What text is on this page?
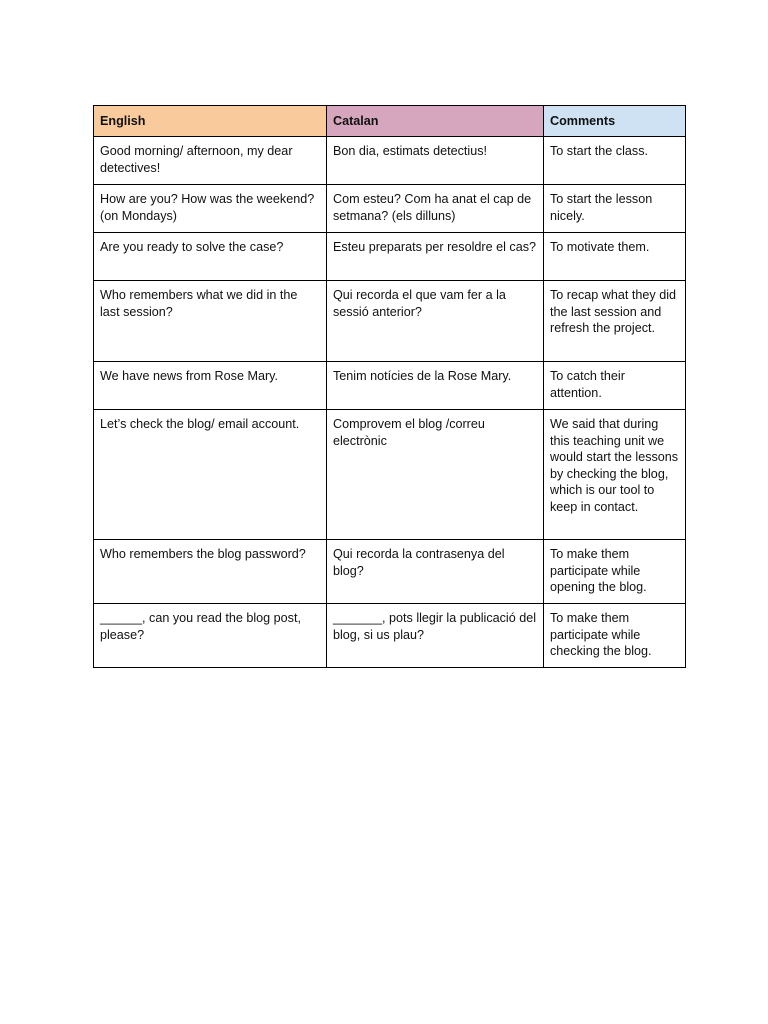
English	Catalan	Comments
Good morning/ afternoon, my dear detectives!	Bon dia, estimats detectius!	To start the class.
How are you? How was the weekend? (on Mondays)	Com esteu? Com ha anat el cap de setmana? (els dilluns)	To start the lesson nicely.
Are you ready to solve the case?	Esteu preparats per resoldre el cas?	To motivate them.
Who remembers what we did in the last session?	Qui recorda el que vam fer a la sessió anterior?	To recap what they did the last session and refresh the project.
We have news from Rose Mary.	Tenim notícies de la Rose Mary.	To catch their attention.
Let’s check the blog/ email account.	Comprovem el blog /correu electrònic	We said that during this teaching unit we would start the lessons by checking the blog, which is our tool to keep in contact.
Who remembers the blog password?	Qui recorda la contrasenya del blog?	To make them participate while opening the blog.
______, can you read the blog post, please?	_______, pots llegir la publicació del blog, si us plau?	To make them participate while checking the blog.
